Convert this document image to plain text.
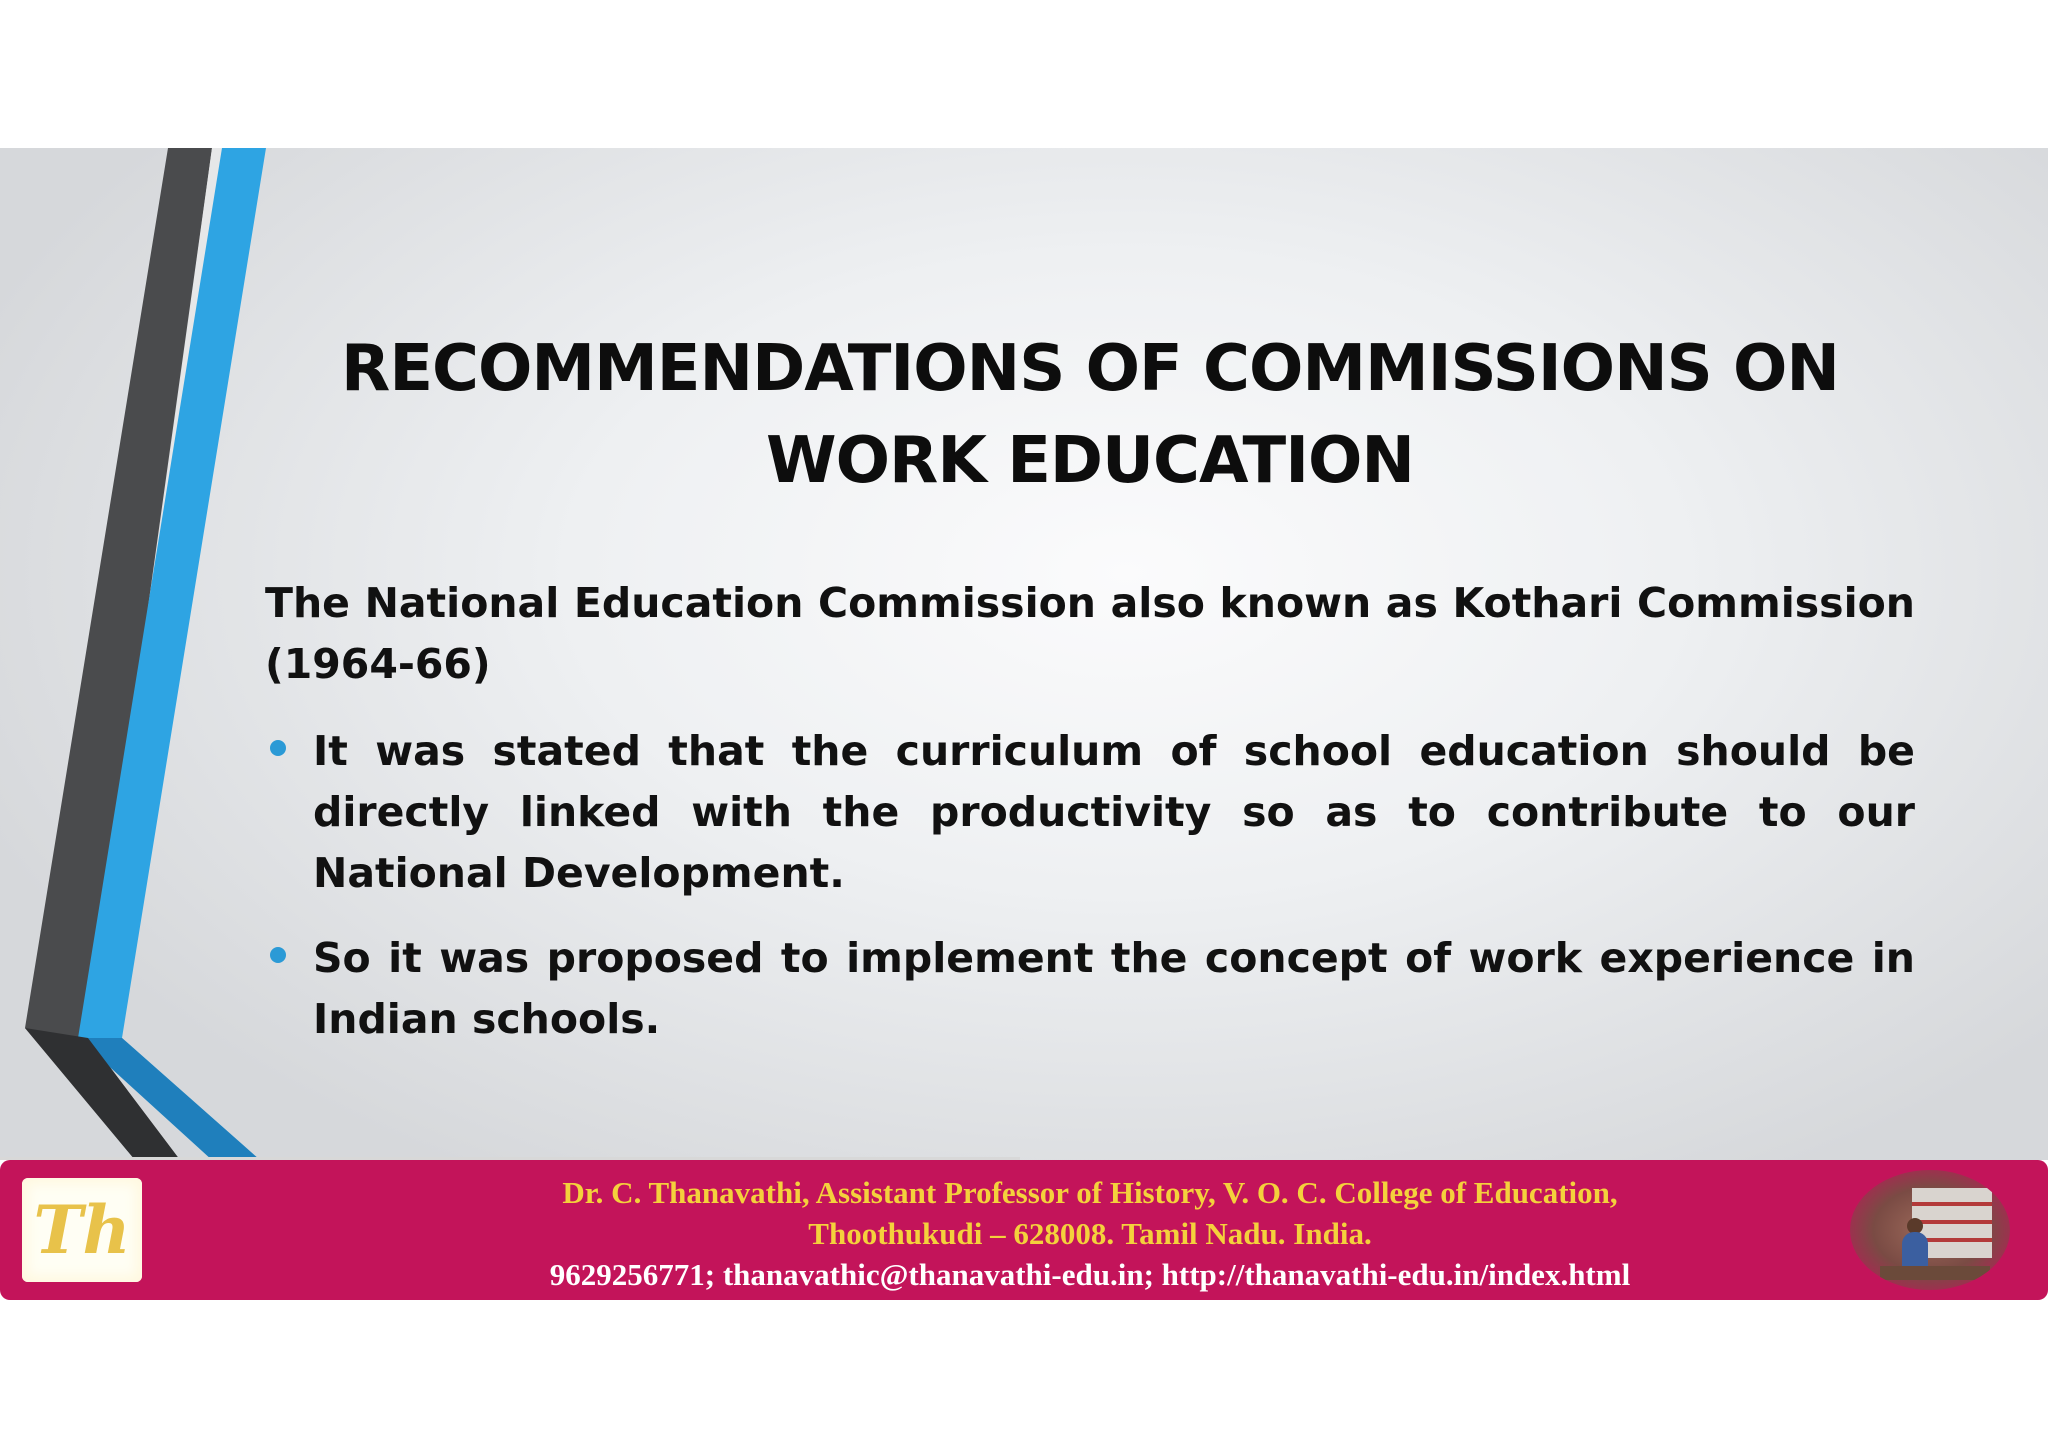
RECOMMENDATIONS OF COMMISSIONS ON
WORK EDUCATION

The National Education Commission also known as Kothari Commission (1964-66)

It was stated that the curriculum of school education should be directly linked with the productivity so as to contribute to our National Development.
So it was proposed to implement the concept of work experience in Indian schools.
Th	Dr. C. Thanavathi, Assistant Professor of History, V. O. C. College of Education,
Thoothukudi – 628008. Tamil Nadu. India.
9629256771; thanavathic@thanavathi-edu.in; http://thanavathi-edu.in/index.html
